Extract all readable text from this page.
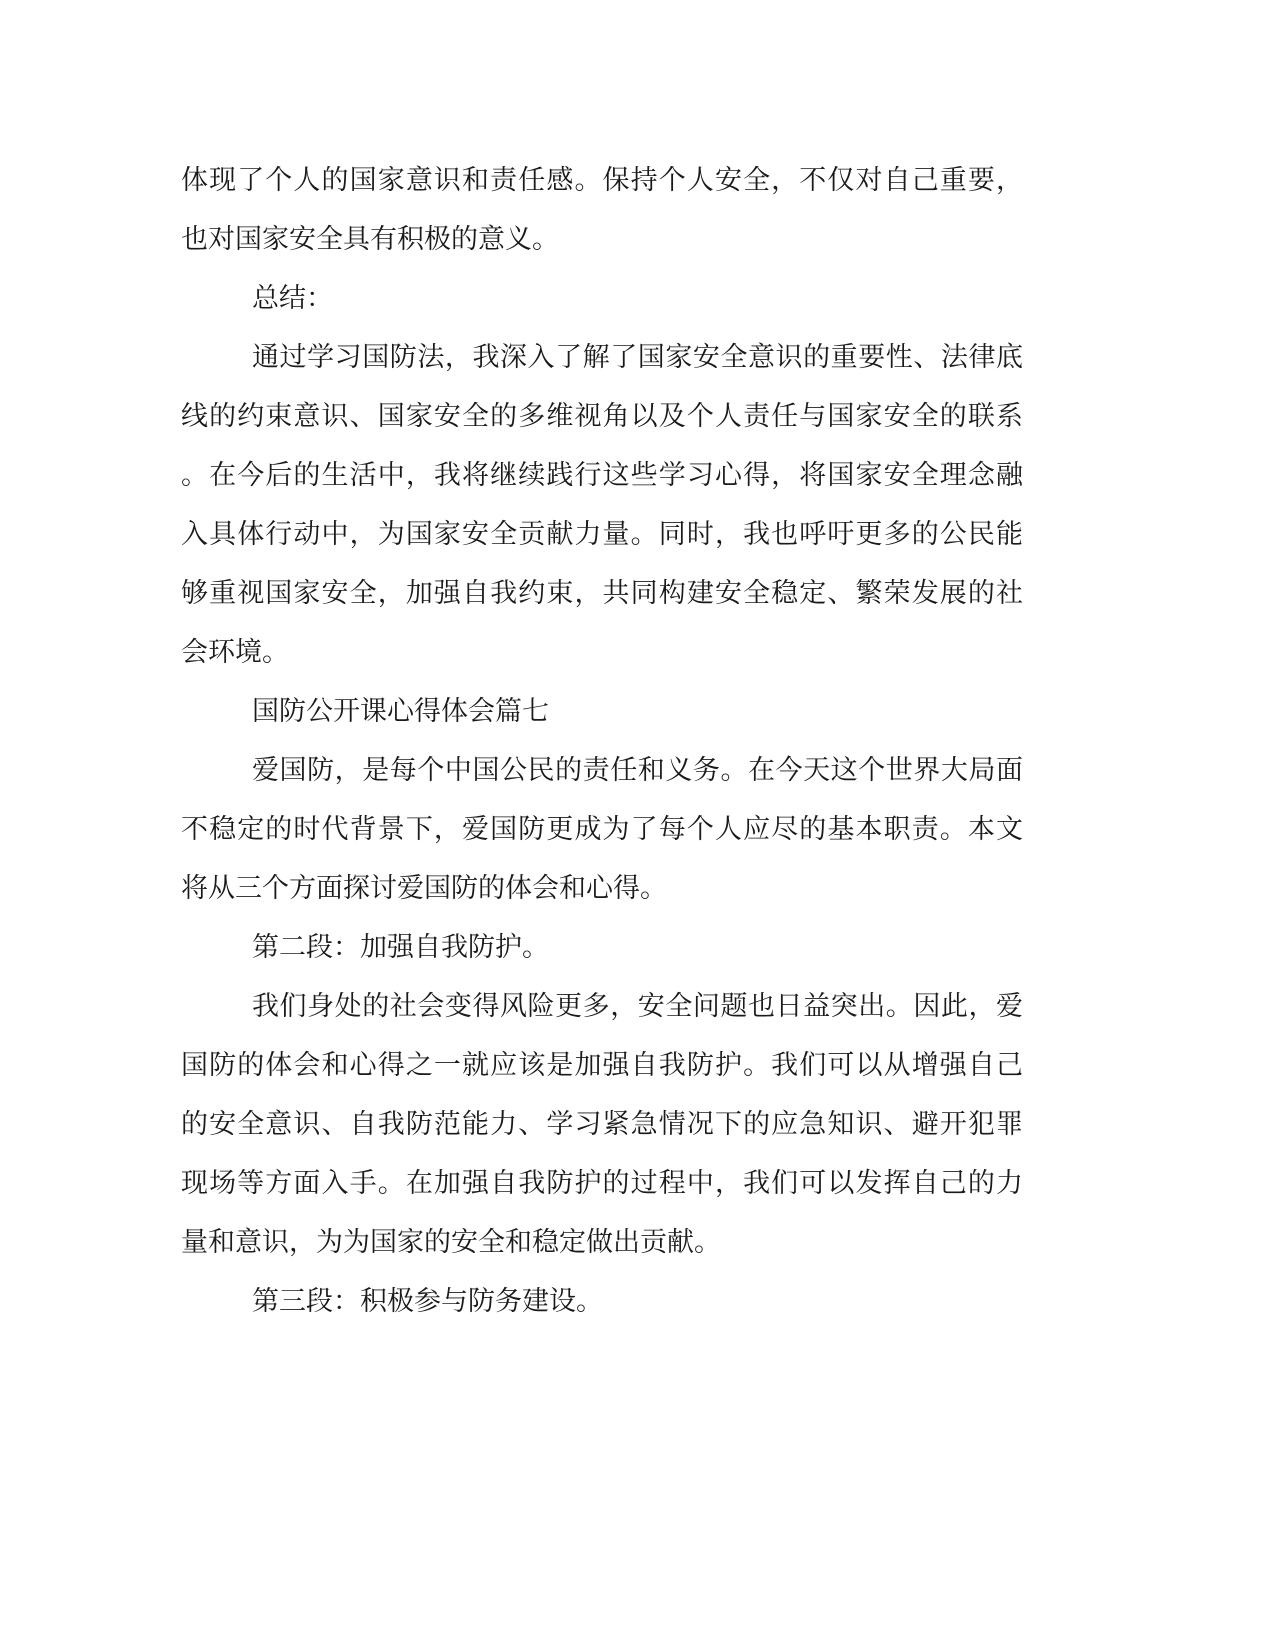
体现了个人的国家意识和责任感。保持个人安全，不仅对自己重要，
也对国家安全具有积极的意义。
总结：
通过学习国防法，我深入了解了国家安全意识的重要性、法律底
线的约束意识、国家安全的多维视角以及个人责任与国家安全的联系
。在今后的生活中，我将继续践行这些学习心得，将国家安全理念融
入具体行动中，为国家安全贡献力量。同时，我也呼吁更多的公民能
够重视国家安全，加强自我约束，共同构建安全稳定、繁荣发展的社
会环境。
国防公开课心得体会篇七
爱国防，是每个中国公民的责任和义务。在今天这个世界大局面
不稳定的时代背景下，爱国防更成为了每个人应尽的基本职责。本文
将从三个方面探讨爱国防的体会和心得。
第二段：加强自我防护。
我们身处的社会变得风险更多，安全问题也日益突出。因此，爱
国防的体会和心得之一就应该是加强自我防护。我们可以从增强自己
的安全意识、自我防范能力、学习紧急情况下的应急知识、避开犯罪
现场等方面入手。在加强自我防护的过程中，我们可以发挥自己的力
量和意识，为为国家的安全和稳定做出贡献。
第三段：积极参与防务建设。
